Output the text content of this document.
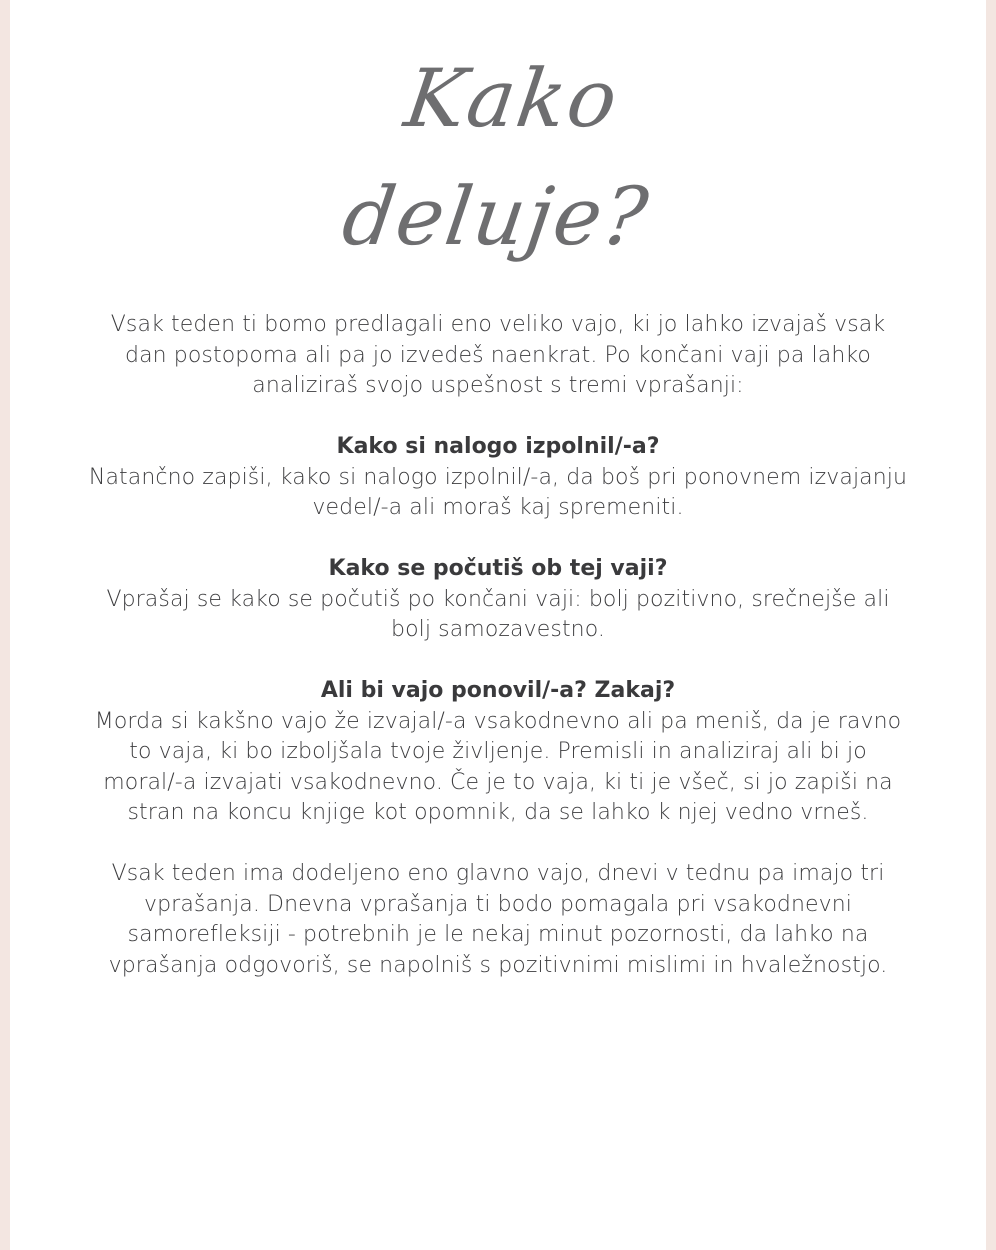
Kako
deluje?

Vsak teden ti bomo predlagali eno veliko vajo, ki jo lahko izvajaš vsak dan postopoma ali pa jo izvedeš naenkrat. Po končani vaji pa lahko analiziraš svojo uspešnost s tremi vprašanji:

Kako si nalogo izpolnil/-a?

Natančno zapiši, kako si nalogo izpolnil/-a, da boš pri ponovnem izvajanju vedel/-a ali moraš kaj spremeniti.

Kako se počutiš ob tej vaji?

Vprašaj se kako se počutiš po končani vaji: bolj pozitivno, srečnejše ali bolj samozavestno.

Ali bi vajo ponovil/-a? Zakaj?

Morda si kakšno vajo že izvajal/-a vsakodnevno ali pa meniš, da je ravno to vaja, ki bo izboljšala tvoje življenje. Premisli in analiziraj ali bi jo moral/-a izvajati vsakodnevno. Če je to vaja, ki ti je všeč, si jo zapiši na stran na koncu knjige kot opomnik, da se lahko k njej vedno vrneš.

Vsak teden ima dodeljeno eno glavno vajo, dnevi v tednu pa imajo tri vprašanja. Dnevna vprašanja ti bodo pomagala pri vsakodnevni samorefleksiji - potrebnih je le nekaj minut pozornosti, da lahko na vprašanja odgovoriš, se napolniš s pozitivnimi mislimi in hvaležnostjo.
